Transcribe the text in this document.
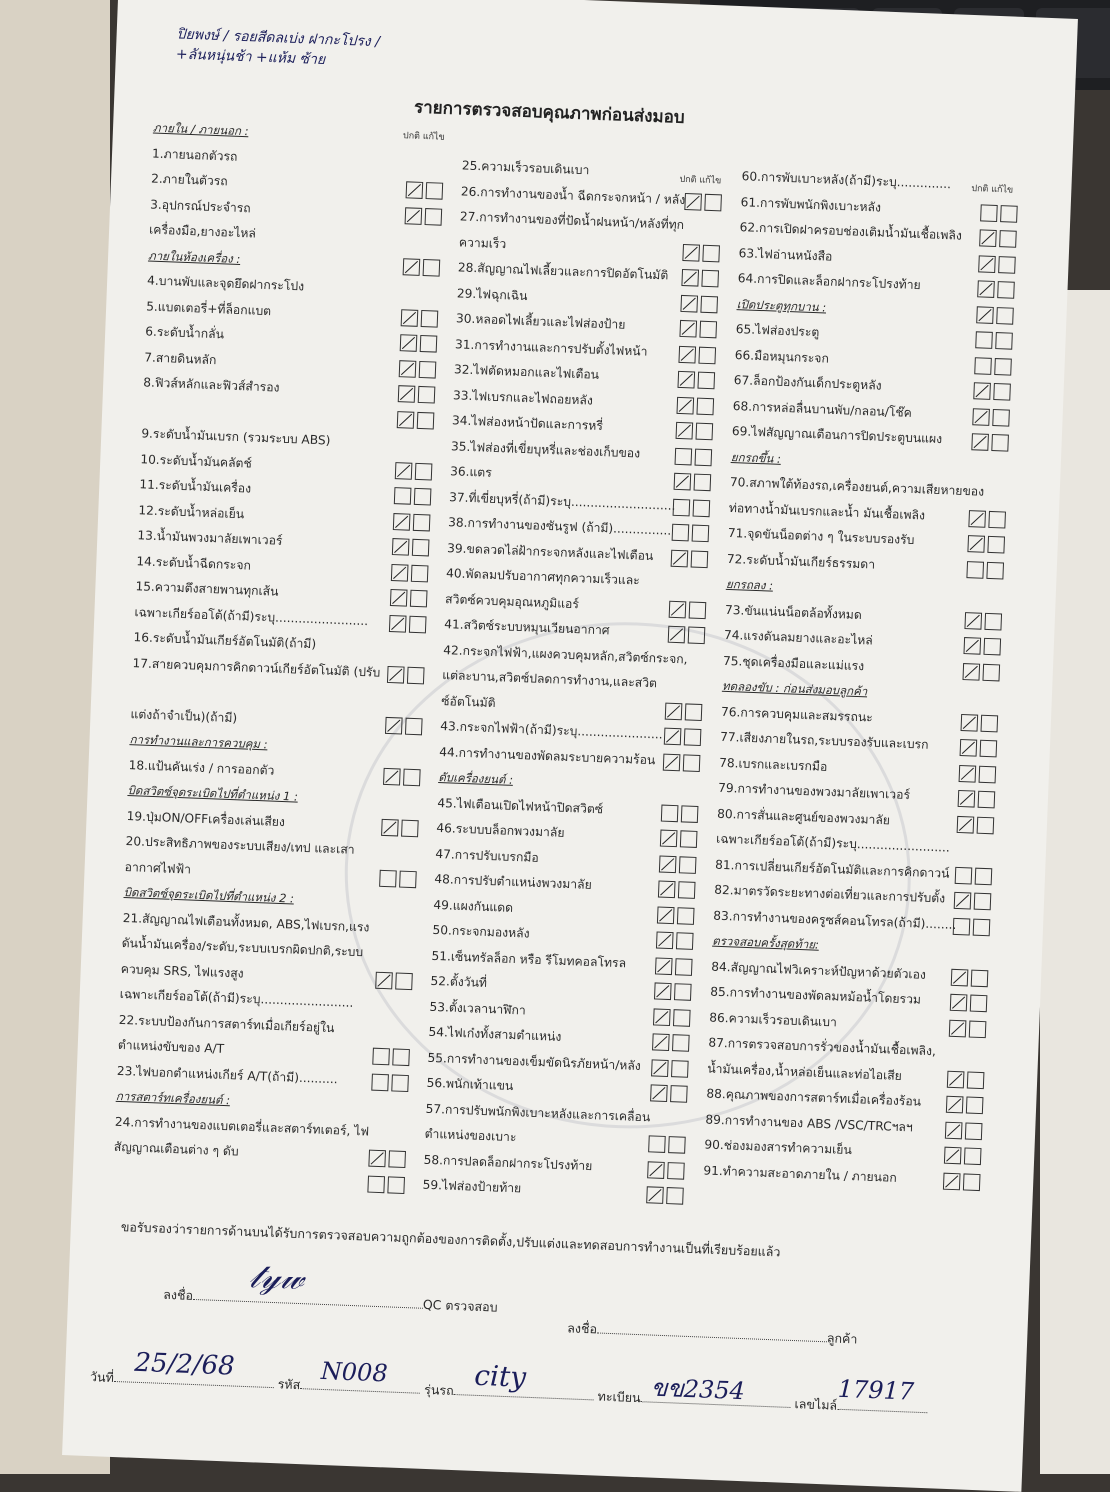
ปิยพงษ์ / รอยสีดลเบ่ง ฝากะโปรง / +ลันหนุ่นช้า +แห้ม ซ้าย
รายการตรวจสอบคุณภาพก่อนส่งมอบ
ปกติ แก้ไข
ปกติ แก้ไข
ปกติ แก้ไข
ภายใน / ภายนอก :
1.ภายนอกตัวรถ
2.ภายในตัวรถ
3.อุปกรณ์ประจำรถ
เครื่องมือ,ยางอะไหล่
ภายในห้องเครื่อง :
4.บานพับและจุดยึดฝากระโปง
5.แบตเตอรี่+ที่ล็อกแบต
6.ระดับน้ำกลั่น
7.สายดินหลัก
8.ฟิวส์หลักและฟิวส์สำรอง
9.ระดับน้ำมันเบรก (รวมระบบ ABS)
10.ระดับน้ำมันคลัตช์
11.ระดับน้ำมันเครื่อง
12.ระดับน้ำหล่อเย็น
13.น้ำมันพวงมาลัยเพาเวอร์
14.ระดับน้ำฉีดกระจก
15.ความตึงสายพานทุกเส้น
เฉพาะเกียร์ออโต้(ถ้ามี)ระบุ........................
16.ระดับน้ำมันเกียร์อัตโนมัติ(ถ้ามี)
17.สายควบคุมการคิกดาวน์เกียร์อัตโนมัติ (ปรับ
แต่งถ้าจำเป็น)(ถ้ามี)
การทำงานและการควบคุม :
18.แป้นคันเร่ง / การออกตัว
บิดสวิตซ์จุดระเบิดไปที่ตำแหน่ง 1 :
19.ปุ่มON/OFFเครื่องเล่นเสียง
20.ประสิทธิภาพของระบบเสียง/เทป และเสา
อากาศไฟฟ้า
บิดสวิตซ์จุดระเบิดไปที่ตำแหน่ง 2 :
21.สัญญาณไฟเตือนทั้งหมด, ABS,ไฟเบรก,แรง
ดันน้ำมันเครื่อง/ระดับ,ระบบเบรกผิดปกติ,ระบบ
ควบคุม SRS, ไฟแรงสูง
เฉพาะเกียร์ออโต้(ถ้ามี)ระบุ........................
22.ระบบป้องกันการสตาร์ทเมื่อเกียร์อยู่ใน
ตำแหน่งขับของ A/T
23.ไฟบอกตำแหน่งเกียร์ A/T(ถ้ามี)..........
การสตาร์ทเครื่องยนต์ :
24.การทำงานของแบตเตอรี่และสตาร์ทเตอร์, ไฟ
สัญญาณเตือนต่าง ๆ ดับ
25.ความเร็วรอบเดินเบา
26.การทำงานของน้ำ ฉีดกระจกหน้า / หลัง
27.การทำงานของที่ปัดน้ำฝนหน้า/หลังที่ทุก
ความเร็ว
28.สัญญาณไฟเลี้ยวและการปิดอัตโนมัติ
29.ไฟฉุกเฉิน
30.หลอดไฟเลี้ยวและไฟส่องป้าย
31.การทำงานและการปรับตั้งไฟหน้า
32.ไฟตัดหมอกและไฟเตือน
33.ไฟเบรกและไฟถอยหลัง
34.ไฟส่องหน้าปัดและการหรี่
35.ไฟส่องที่เขี่ยบุหรี่และช่องเก็บของ
36.แตร
37.ที่เขี่ยบุหรี่(ถ้ามี)ระบุ...........................
38.การทำงานของซันรูฟ (ถ้ามี)...............
39.ขดลวดไล่ฝ้ากระจกหลังและไฟเตือน
40.พัดลมปรับอากาศทุกความเร็วและ
สวิตซ์ควบคุมอุณหภูมิแอร์
41.สวิตซ์ระบบหมุนเวียนอากาศ
42.กระจกไฟฟ้า,แผงควบคุมหลัก,สวิตซ์กระจก,
แต่ละบาน,สวิตซ์ปลดการทำงาน,และสวิต
ซ์อัตโนมัติ
43.กระจกไฟฟ้า(ถ้ามี)ระบุ......................
44.การทำงานของพัดลมระบายความร้อน
ดับเครื่องยนต์ :
45.ไฟเตือนเปิดไฟหน้าปิดสวิตซ์
46.ระบบบล็อกพวงมาลัย
47.การปรับเบรกมือ
48.การปรับตำแหน่งพวงมาลัย
49.แผงกันแดด
50.กระจกมองหลัง
51.เซ็นทรัลล็อก หรือ รีโมทคอลโทรล
52.ตั้งวันที่
53.ตั้งเวลานาฬิกา
54.ไฟเก๋งทั้งสามตำแหน่ง
55.การทำงานของเข็มขัดนิรภัยหน้า/หลัง
56.พนักเท้าแขน
57.การปรับพนักพิงเบาะหลังและการเคลื่อน
ตำแหน่งของเบาะ
58.การปลดล็อกฝากระโปรงท้าย
59.ไฟส่องป้ายท้าย
60.การพับเบาะหลัง(ถ้ามี)ระบุ..............
61.การพับพนักพิงเบาะหลัง
62.การเปิดฝาครอบช่องเติมน้ำมันเชื้อเพลิง
63.ไฟอ่านหนังสือ
64.การปิดและล็อกฝากระโปรงท้าย
เปิดประตูทุกบาน :
65.ไฟส่องประตู
66.มือหมุนกระจก
67.ล็อกป้องกันเด็กประตูหลัง
68.การหล่อลื่นบานพับ/กลอน/โช๊ค
69.ไฟสัญญาณเตือนการปิดประตูบนแผง
ยกรถขึ้น :
70.สภาพใต้ท้องรถ,เครื่องยนต์,ความเสียหายของ
ท่อทางน้ำมันเบรกและน้ำ มันเชื้อเพลิง
71.จุดขันน็อตต่าง ๆ ในระบบรองรับ
72.ระดับน้ำมันเกียร์ธรรมดา
ยกรถลง :
73.ขันแน่นน็อตล้อทั้งหมด
74.แรงดันลมยางและอะไหล่
75.ชุดเครื่องมือและแม่แรง
ทดลองขับ : ก่อนส่งมอบลูกค้า
76.การควบคุมและสมรรถนะ
77.เสียงภายในรถ,ระบบรองรับและเบรก
78.เบรกและเบรกมือ
79.การทำงานของพวงมาลัยเพาเวอร์
80.การสั่นและศูนย์ของพวงมาลัย
เฉพาะเกียร์ออโต้(ถ้ามี)ระบุ........................
81.การเปลี่ยนเกียร์อัตโนมัติและการคิกดาวน์
82.มาตรวัดระยะทางต่อเที่ยวและการปรับตั้ง
83.การทำงานของครูซส์คอนโทรล(ถ้ามี)........
ตรวจสอบครั้งสุดท้าย:
84.สัญญาณไฟวิเคราะห์ปัญหาด้วยตัวเอง
85.การทำงานของพัดลมหม้อน้ำโดยรวม
86.ความเร็วรอบเดินเบา
87.การตรวจสอบการรั่วของน้ำมันเชื้อเพลิง,
น้ำมันเครื่อง,น้ำหล่อเย็นและท่อไอเสีย
88.คุณภาพของการสตาร์ทเมื่อเครื่องร้อน
89.การทำงานของ ABS /VSC/TRCฯลฯ
90.ช่องมองสารทำความเย็น
91.ทำความสะอาดภายใน / ภายนอก
ขอรับรองว่ารายการด้านบนได้รับการตรวจสอบความถูกต้องของการติดตั้ง,ปรับแต่งและทดสอบการทำงานเป็นที่เรียบร้อยแล้ว
ลงชื่อQC ตรวจสอบ
𝓉𝓎𝓌
ลงชื่อลูกค้า
วันที่ 25/2/68
รหัส N008
รุ่นรถ city
ทะเบียน ขข2354	เลขไมล์ 17917
